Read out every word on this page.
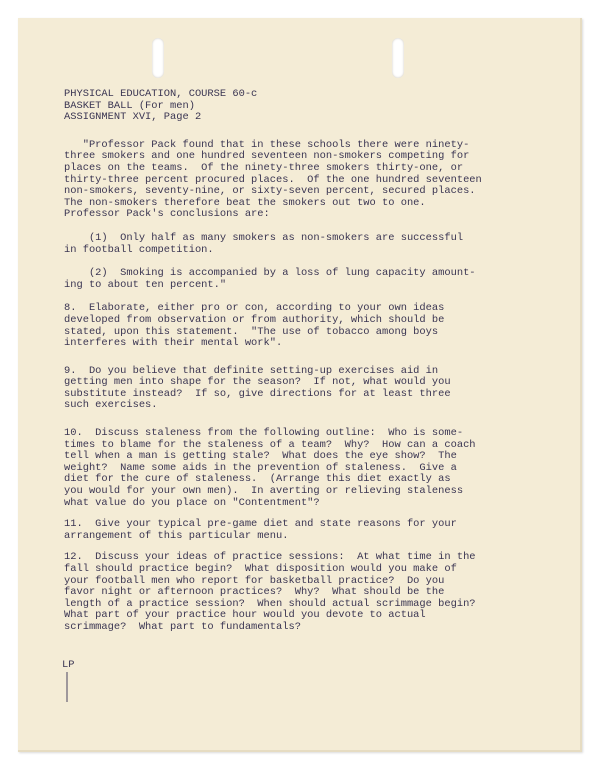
PHYSICAL EDUCATION, COURSE 60-c
BASKET BALL (For men)
ASSIGNMENT XVI, Page 2
"Professor Pack found that in these schools there were ninety-
three smokers and one hundred seventeen non-smokers competing for
places on the teams.  Of the ninety-three smokers thirty-one, or
thirty-three percent procured places.  Of the one hundred seventeen
non-smokers, seventy-nine, or sixty-seven percent, secured places.
The non-smokers therefore beat the smokers out two to one.
Professor Pack's conclusions are:
(1)  Only half as many smokers as non-smokers are successful
in football competition.
(2)  Smoking is accompanied by a loss of lung capacity amount-
ing to about ten percent."
8.  Elaborate, either pro or con, according to your own ideas
developed from observation or from authority, which should be
stated, upon this statement.  "The use of tobacco among boys
interferes with their mental work".
9.  Do you believe that definite setting-up exercises aid in
getting men into shape for the season?  If not, what would you
substitute instead?  If so, give directions for at least three
such exercises.
10.  Discuss staleness from the following outline:  Who is some-
times to blame for the staleness of a team?  Why?  How can a coach
tell when a man is getting stale?  What does the eye show?  The
weight?  Name some aids in the prevention of staleness.  Give a
diet for the cure of staleness.  (Arrange this diet exactly as
you would for your own men).  In averting or relieving staleness
what value do you place on "Contentment"?
11.  Give your typical pre-game diet and state reasons for your
arrangement of this particular menu.
12.  Discuss your ideas of practice sessions:  At what time in the
fall should practice begin?  What disposition would you make of
your football men who report for basketball practice?  Do you
favor night or afternoon practices?  Why?  What should be the
length of a practice session?  When should actual scrimmage begin?
What part of your practice hour would you devote to actual
scrimmage?  What part to fundamentals?
LP
